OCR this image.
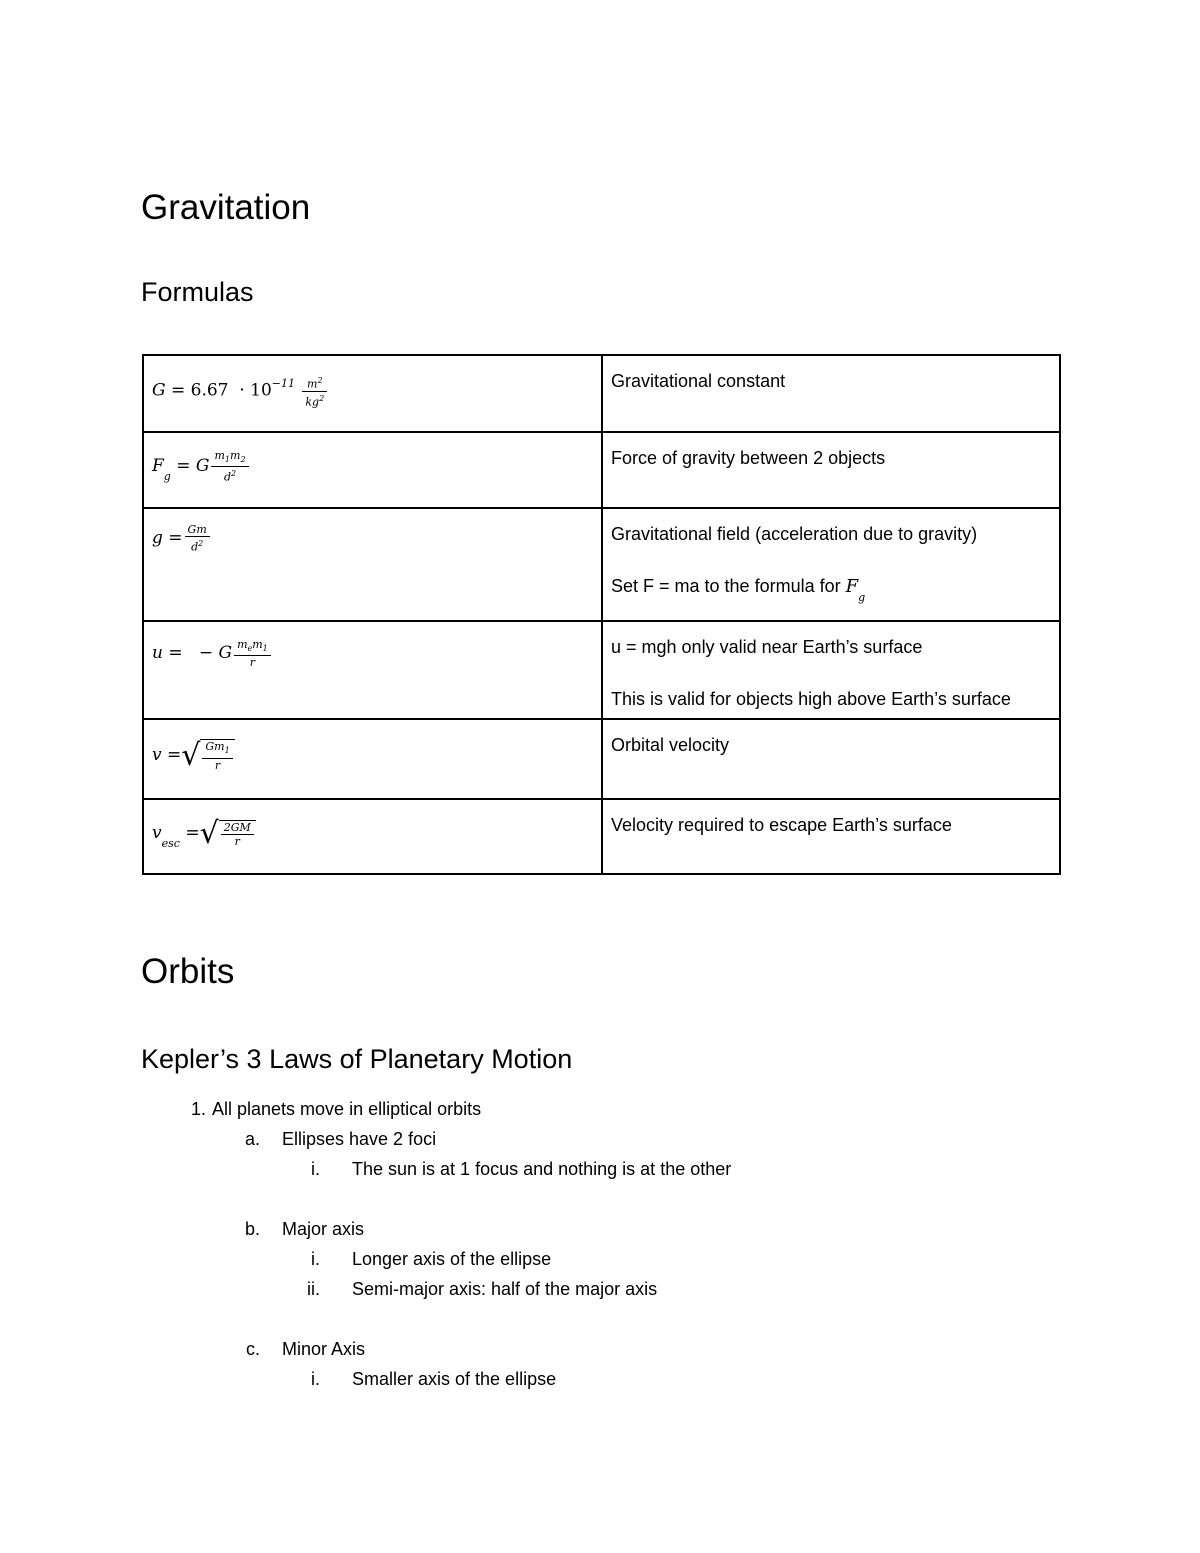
Gravitation
Formulas
$G = 6.67 \cdot 10^{-11} \frac{m^2}{kg^2}$	Gravitational constant

$F_g = G \frac{m_1m_2}{d^2}$	Force of gravity between 2 objects

$g = \frac{Gm}{d^2}$	Gravitational field (acceleration due to gravity)
Set F = ma to the formula for $F_g$

u = − G $\frac{m_em_1}{r}$	u = mgh only valid near Earth’s surface
This is valid for objects high above Earth’s surface

v =√ $\frac{Gm_1}{r}$	Orbital velocity

$v_{esc}$ =√ $\frac{2GM}{r}$	Velocity required to escape Earth’s surface
Orbits
Kepler’s 3 Laws of Planetary Motion
1. All planets move in elliptical orbits
a. Ellipses have 2 foci
i. The sun is at 1 focus and nothing is at the other
b. Major axis
i. Longer axis of the ellipse
ii. Semi-major axis: half of the major axis
c. Minor Axis
i. Smaller axis of the ellipse
